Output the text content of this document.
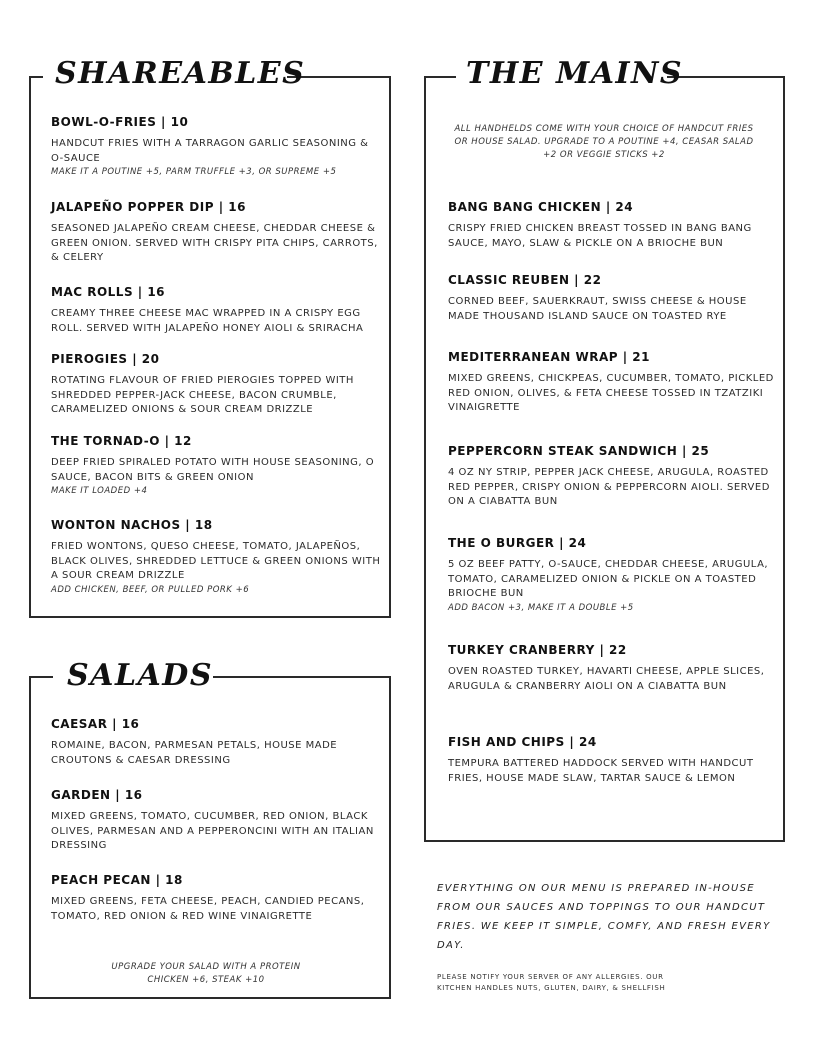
SHAREABLES
BOWL-O-FRIES | 10

HANDCUT FRIES WITH A TARRAGON GARLIC SEASONING & O-SAUCE

MAKE IT A POUTINE +5, PARM TRUFFLE +3, OR SUPREME +5

JALAPEÑO POPPER DIP | 16

SEASONED JALAPEÑO CREAM CHEESE, CHEDDAR CHEESE & GREEN ONION. SERVED WITH CRISPY PITA CHIPS, CARROTS, & CELERY

MAC ROLLS | 16

CREAMY THREE CHEESE MAC WRAPPED IN A CRISPY EGG ROLL. SERVED WITH JALAPEÑO HONEY AIOLI & SRIRACHA

PIEROGIES | 20

ROTATING FLAVOUR OF FRIED PIEROGIES TOPPED WITH SHREDDED PEPPER-JACK CHEESE, BACON CRUMBLE, CARAMELIZED ONIONS & SOUR CREAM DRIZZLE

THE TORNAD-O | 12

DEEP FRIED SPIRALED POTATO WITH HOUSE SEASONING, O SAUCE, BACON BITS & GREEN ONION

MAKE IT LOADED +4

WONTON NACHOS | 18

FRIED WONTONS, QUESO CHEESE, TOMATO, JALAPEÑOS, BLACK OLIVES, SHREDDED LETTUCE & GREEN ONIONS WITH A SOUR CREAM DRIZZLE

ADD CHICKEN, BEEF, OR PULLED PORK +6

THE MAINS

ALL HANDHELDS COME WITH YOUR CHOICE OF HANDCUT FRIES OR HOUSE SALAD. UPGRADE TO A POUTINE +4, CEASAR SALAD +2 OR VEGGIE STICKS +2

BANG BANG CHICKEN | 24

CRISPY FRIED CHICKEN BREAST TOSSED IN BANG BANG SAUCE, MAYO, SLAW & PICKLE ON A BRIOCHE BUN

CLASSIC REUBEN | 22

CORNED BEEF, SAUERKRAUT, SWISS CHEESE & HOUSE MADE THOUSAND ISLAND SAUCE ON TOASTED RYE

MEDITERRANEAN WRAP | 21

MIXED GREENS, CHICKPEAS, CUCUMBER, TOMATO, PICKLED RED ONION, OLIVES, & FETA CHEESE TOSSED IN TZATZIKI VINAIGRETTE

PEPPERCORN STEAK SANDWICH | 25

4 OZ NY STRIP, PEPPER JACK CHEESE, ARUGULA, ROASTED RED PEPPER, CRISPY ONION & PEPPERCORN AIOLI. SERVED ON A CIABATTA BUN

THE O BURGER | 24

5 OZ BEEF PATTY, O-SAUCE, CHEDDAR CHEESE, ARUGULA, TOMATO, CARAMELIZED ONION & PICKLE ON A TOASTED BRIOCHE BUN

ADD BACON +3, MAKE IT A DOUBLE +5

TURKEY CRANBERRY | 22

OVEN ROASTED TURKEY, HAVARTI CHEESE, APPLE SLICES, ARUGULA & CRANBERRY AIOLI ON A CIABATTA BUN

FISH AND CHIPS | 24

TEMPURA BATTERED HADDOCK SERVED WITH HANDCUT FRIES, HOUSE MADE SLAW, TARTAR SAUCE & LEMON

SALADS
CAESAR | 16

ROMAINE, BACON, PARMESAN PETALS, HOUSE MADE CROUTONS & CAESAR DRESSING

GARDEN | 16

MIXED GREENS, TOMATO, CUCUMBER, RED ONION, BLACK OLIVES, PARMESAN AND A PEPPERONCINI WITH AN ITALIAN DRESSING

PEACH PECAN | 18

MIXED GREENS, FETA CHEESE, PEACH, CANDIED PECANS, TOMATO, RED ONION & RED WINE VINAIGRETTE

UPGRADE YOUR SALAD WITH A PROTEIN
CHICKEN +6, STEAK +10

EVERYTHING ON OUR MENU IS PREPARED IN-HOUSE FROM OUR SAUCES AND TOPPINGS TO OUR HANDCUT FRIES. WE KEEP IT SIMPLE, COMFY, AND FRESH EVERY DAY.

PLEASE NOTIFY YOUR SERVER OF ANY ALLERGIES. OUR
KITCHEN HANDLES NUTS, GLUTEN, DAIRY, & SHELLFISH
